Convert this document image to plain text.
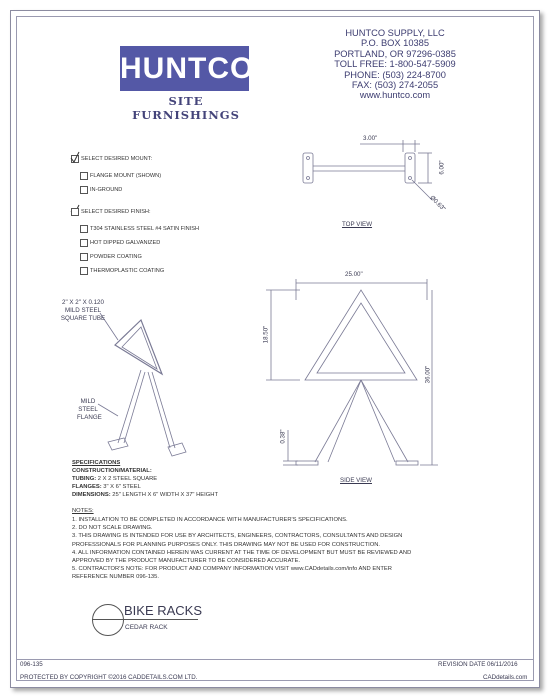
HUNTCO
SITE FURNISHINGS
HUNTCO SUPPLY, LLC
P.O. BOX 10385
PORTLAND, OR 97296-0385
TOLL FREE: 1-800-547-5909
PHONE: (503) 224-8700
FAX: (503) 274-2055
www.huntco.com
SELECT DESIRED MOUNT:
FLANGE MOUNT (SHOWN)
IN-GROUND
SELECT DESIRED FINISH:
T304 STAINLESS STEEL #4 SATIN FINISH
HOT DIPPED GALVANIZED
POWDER COATING
THERMOPLASTIC COATING
3.00"
6.00"
Ø0.63"
TOP VIEW
25.00"
18.50"
36.00"
0.38"
SIDE VIEW
2" X 2" X 0.120
MILD STEEL
SQUARE TUBE
MILD
STEEL
FLANGE
SPECIFICATIONS
CONSTRUCTION/MATERIAL:
TUBING: 2 X 2 STEEL SQUARE
FLANGES: 3" X 6" STEEL
DIMENSIONS: 25" LENGTH X 6" WIDTH X 37" HEIGHT
NOTES:
1. INSTALLATION TO BE COMPLETED IN ACCORDANCE WITH MANUFACTURER'S SPECIFICATIONS.
2. DO NOT SCALE DRAWING.
3. THIS DRAWING IS INTENDED FOR USE BY ARCHITECTS, ENGINEERS, CONTRACTORS, CONSULTANTS AND DESIGN
PROFESSIONALS FOR PLANNING PURPOSES ONLY. THIS DRAWING MAY NOT BE USED FOR CONSTRUCTION.
4. ALL INFORMATION CONTAINED HEREIN WAS CURRENT AT THE TIME OF DEVELOPMENT BUT MUST BE REVIEWED AND
APPROVED BY THE PRODUCT MANUFACTURER TO BE CONSIDERED ACCURATE.
5. CONTRACTOR'S NOTE: FOR PRODUCT AND COMPANY INFORMATION VISIT www.CADdetails.com/info AND ENTER
REFERENCE NUMBER 096-135.
BIKE RACKS
CEDAR RACK
096-135	REVISION DATE 06/11/2016
PROTECTED BY COPYRIGHT ©2016 CADDETAILS.COM LTD.	CADdetails.com
